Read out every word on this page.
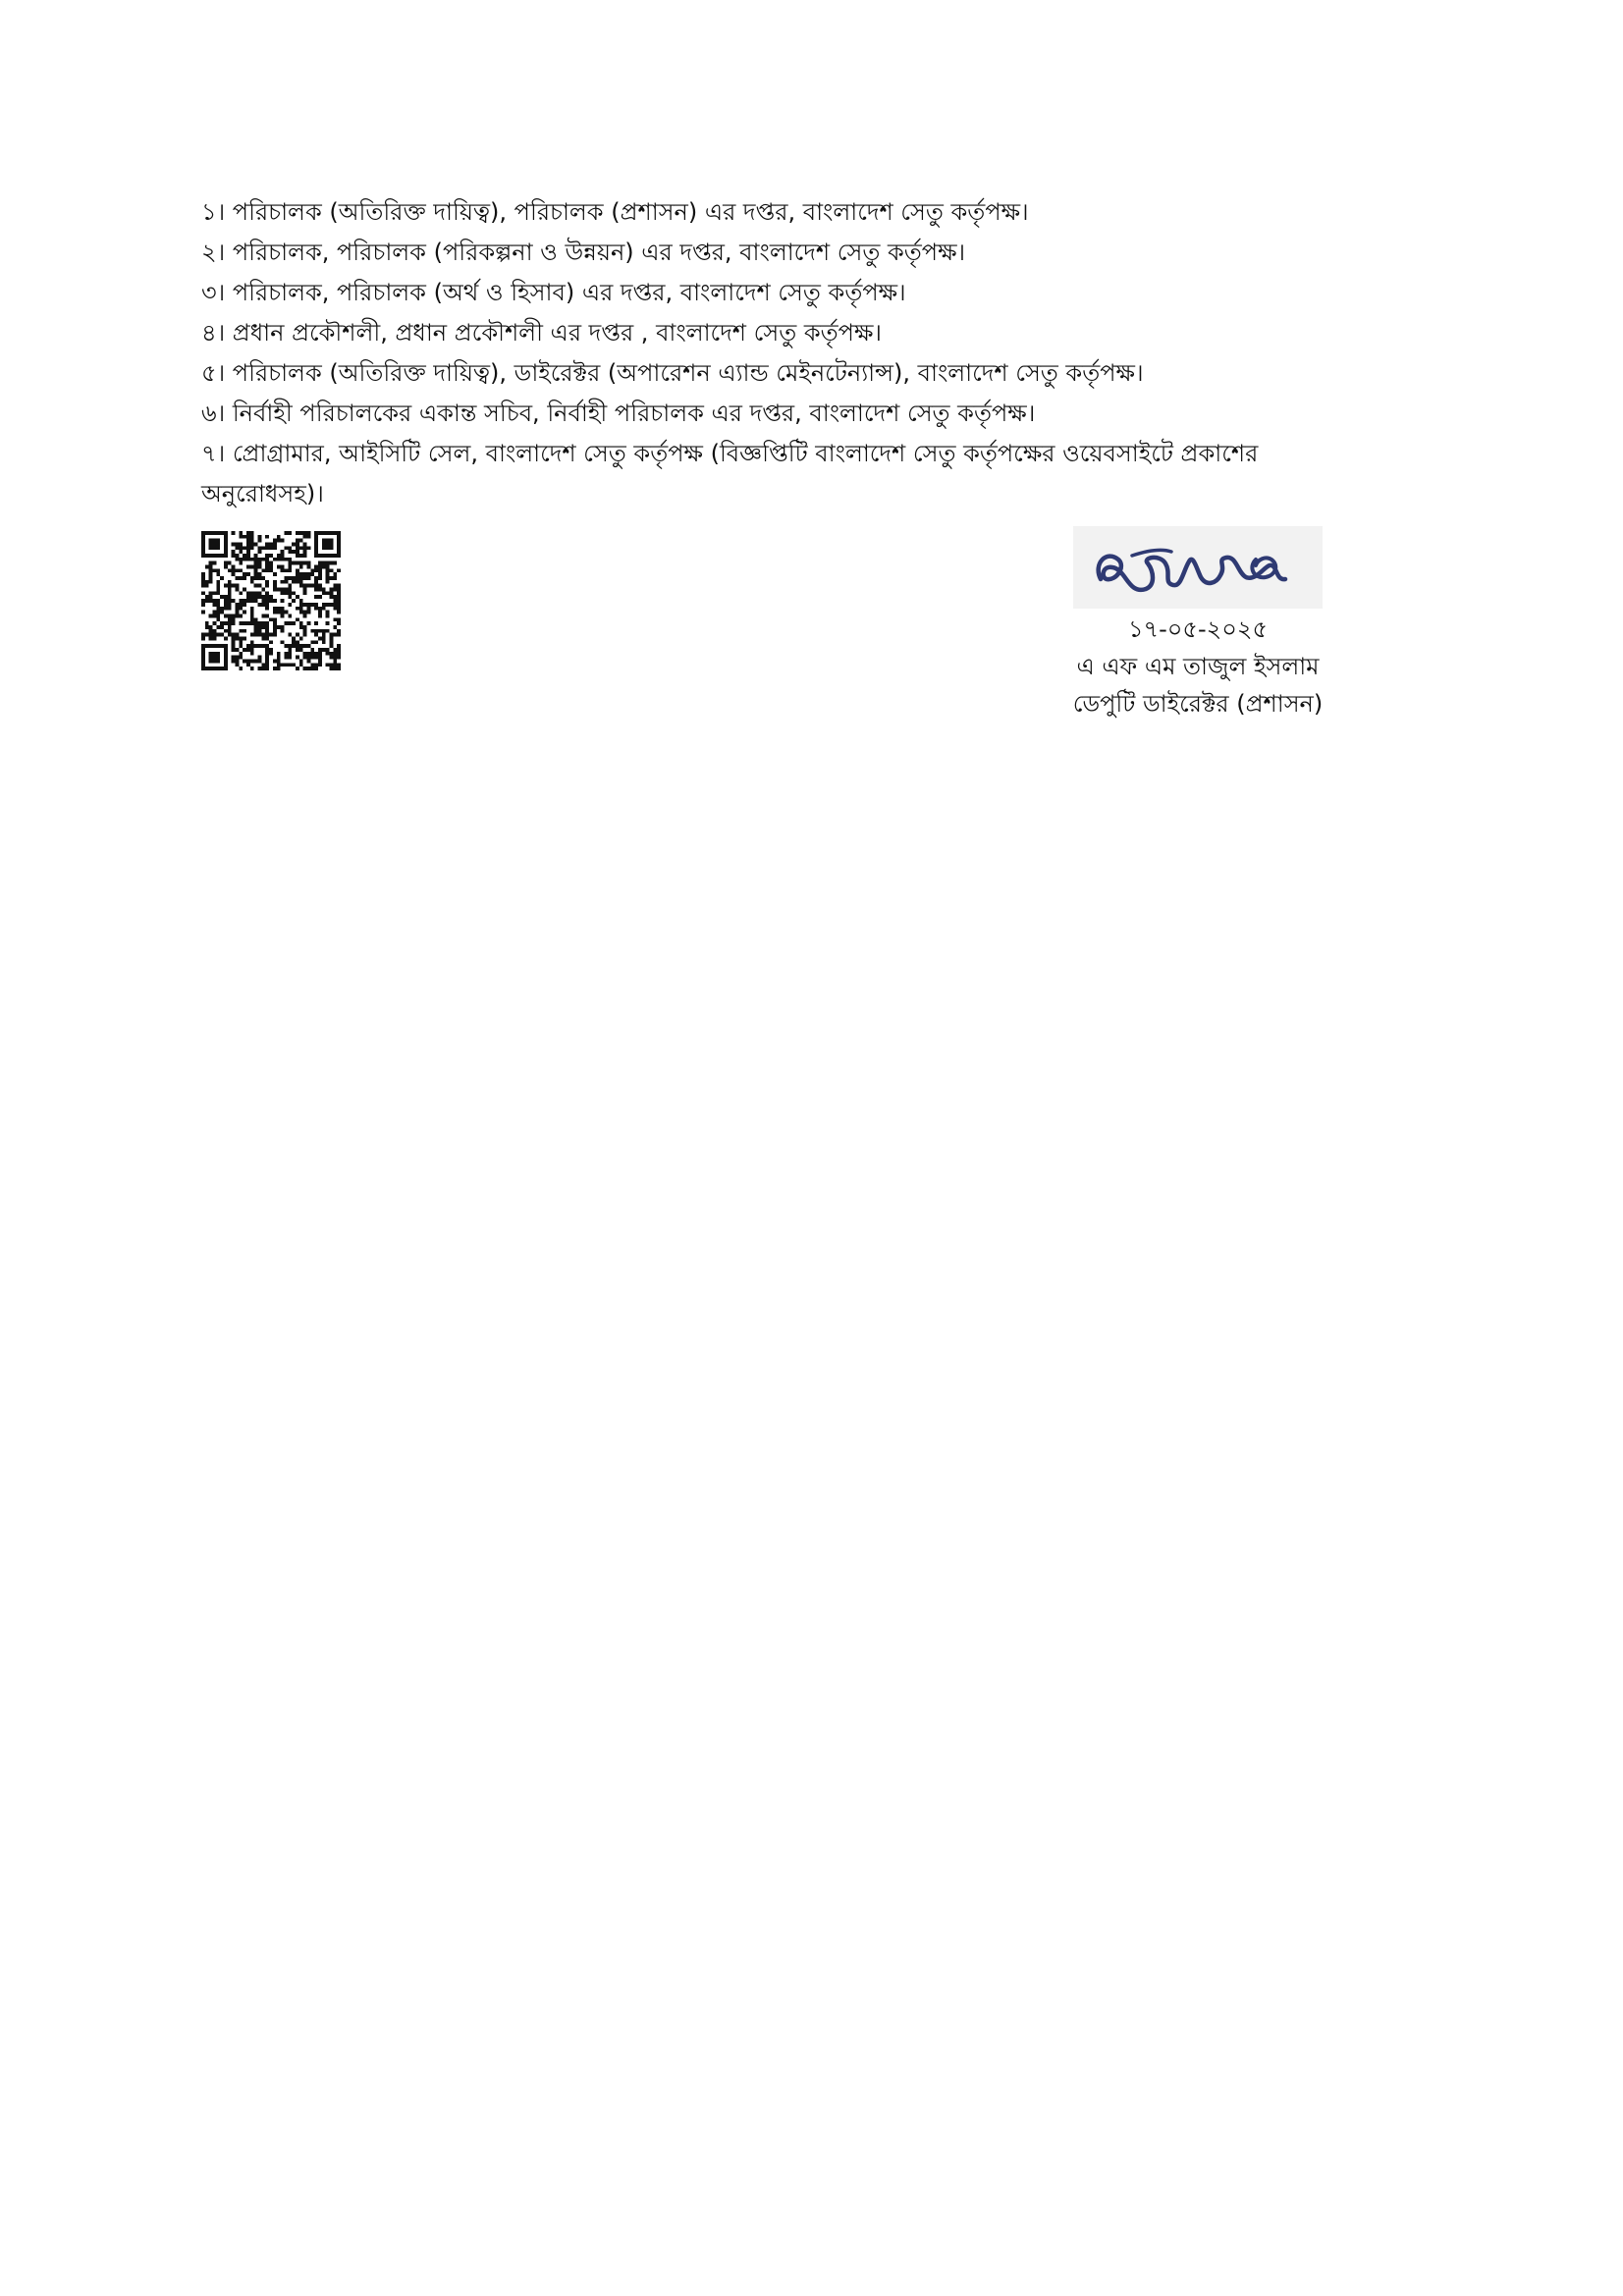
১। পরিচালক (অতিরিক্ত দায়িত্ব), পরিচালক (প্রশাসন) এর দপ্তর, বাংলাদেশ সেতু কর্তৃপক্ষ।
২। পরিচালক, পরিচালক (পরিকল্পনা ও উন্নয়ন) এর দপ্তর, বাংলাদেশ সেতু কর্তৃপক্ষ।
৩। পরিচালক, পরিচালক (অর্থ ও হিসাব) এর দপ্তর, বাংলাদেশ সেতু কর্তৃপক্ষ।
৪। প্রধান প্রকৌশলী, প্রধান প্রকৌশলী এর দপ্তর , বাংলাদেশ সেতু কর্তৃপক্ষ।
৫। পরিচালক (অতিরিক্ত দায়িত্ব), ডাইরেক্টর (অপারেশন এ্যান্ড মেইনটেন্যান্স), বাংলাদেশ সেতু কর্তৃপক্ষ।
৬। নির্বাহী পরিচালকের একান্ত সচিব, নির্বাহী পরিচালক এর দপ্তর, বাংলাদেশ সেতু কর্তৃপক্ষ।
৭। প্রোগ্রামার, আইসিটি সেল, বাংলাদেশ সেতু কর্তৃপক্ষ (বিজ্ঞপ্তিটি বাংলাদেশ সেতু কর্তৃপক্ষের ওয়েবসাইটে প্রকাশের অনুরোধসহ)।
১৭-০৫-২০২৫
এ এফ এম তাজুল ইসলাম
ডেপুটি ডাইরেক্টর (প্রশাসন)
